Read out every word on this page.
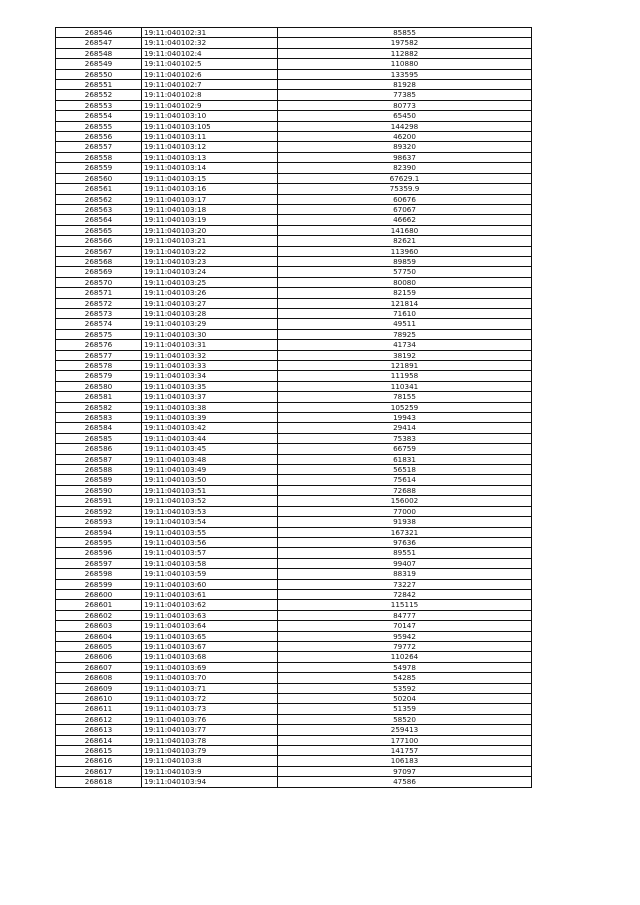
268546	19:11:040102:31	85855
268547	19:11:040102:32	197582
268548	19:11:040102:4	112882
268549	19:11:040102:5	110880
268550	19:11:040102:6	133595
268551	19:11:040102:7	81928
268552	19:11:040102:8	77385
268553	19:11:040102:9	80773
268554	19:11:040103:10	65450
268555	19:11:040103:105	144298
268556	19:11:040103:11	46200
268557	19:11:040103:12	89320
268558	19:11:040103:13	98637
268559	19:11:040103:14	82390
268560	19:11:040103:15	67629.1
268561	19:11:040103:16	75359.9
268562	19:11:040103:17	60676
268563	19:11:040103:18	67067
268564	19:11:040103:19	46662
268565	19:11:040103:20	141680
268566	19:11:040103:21	82621
268567	19:11:040103:22	113960
268568	19:11:040103:23	89859
268569	19:11:040103:24	57750
268570	19:11:040103:25	80080
268571	19:11:040103:26	82159
268572	19:11:040103:27	121814
268573	19:11:040103:28	71610
268574	19:11:040103:29	49511
268575	19:11:040103:30	78925
268576	19:11:040103:31	41734
268577	19:11:040103:32	38192
268578	19:11:040103:33	121891
268579	19:11:040103:34	111958
268580	19:11:040103:35	110341
268581	19:11:040103:37	78155
268582	19:11:040103:38	105259
268583	19:11:040103:39	19943
268584	19:11:040103:42	29414
268585	19:11:040103:44	75383
268586	19:11:040103:45	66759
268587	19:11:040103:48	61831
268588	19:11:040103:49	56518
268589	19:11:040103:50	75614
268590	19:11:040103:51	72688
268591	19:11:040103:52	156002
268592	19:11:040103:53	77000
268593	19:11:040103:54	91938
268594	19:11:040103:55	167321
268595	19:11:040103:56	97636
268596	19:11:040103:57	89551
268597	19:11:040103:58	99407
268598	19:11:040103:59	88319
268599	19:11:040103:60	73227
268600	19:11:040103:61	72842
268601	19:11:040103:62	115115
268602	19:11:040103:63	84777
268603	19:11:040103:64	70147
268604	19:11:040103:65	95942
268605	19:11:040103:67	79772
268606	19:11:040103:68	110264
268607	19:11:040103:69	54978
268608	19:11:040103:70	54285
268609	19:11:040103:71	53592
268610	19:11:040103:72	50204
268611	19:11:040103:73	51359
268612	19:11:040103:76	58520
268613	19:11:040103:77	259413
268614	19:11:040103:78	177100
268615	19:11:040103:79	141757
268616	19:11:040103:8	106183
268617	19:11:040103:9	97097
268618	19:11:040103:94	47586
